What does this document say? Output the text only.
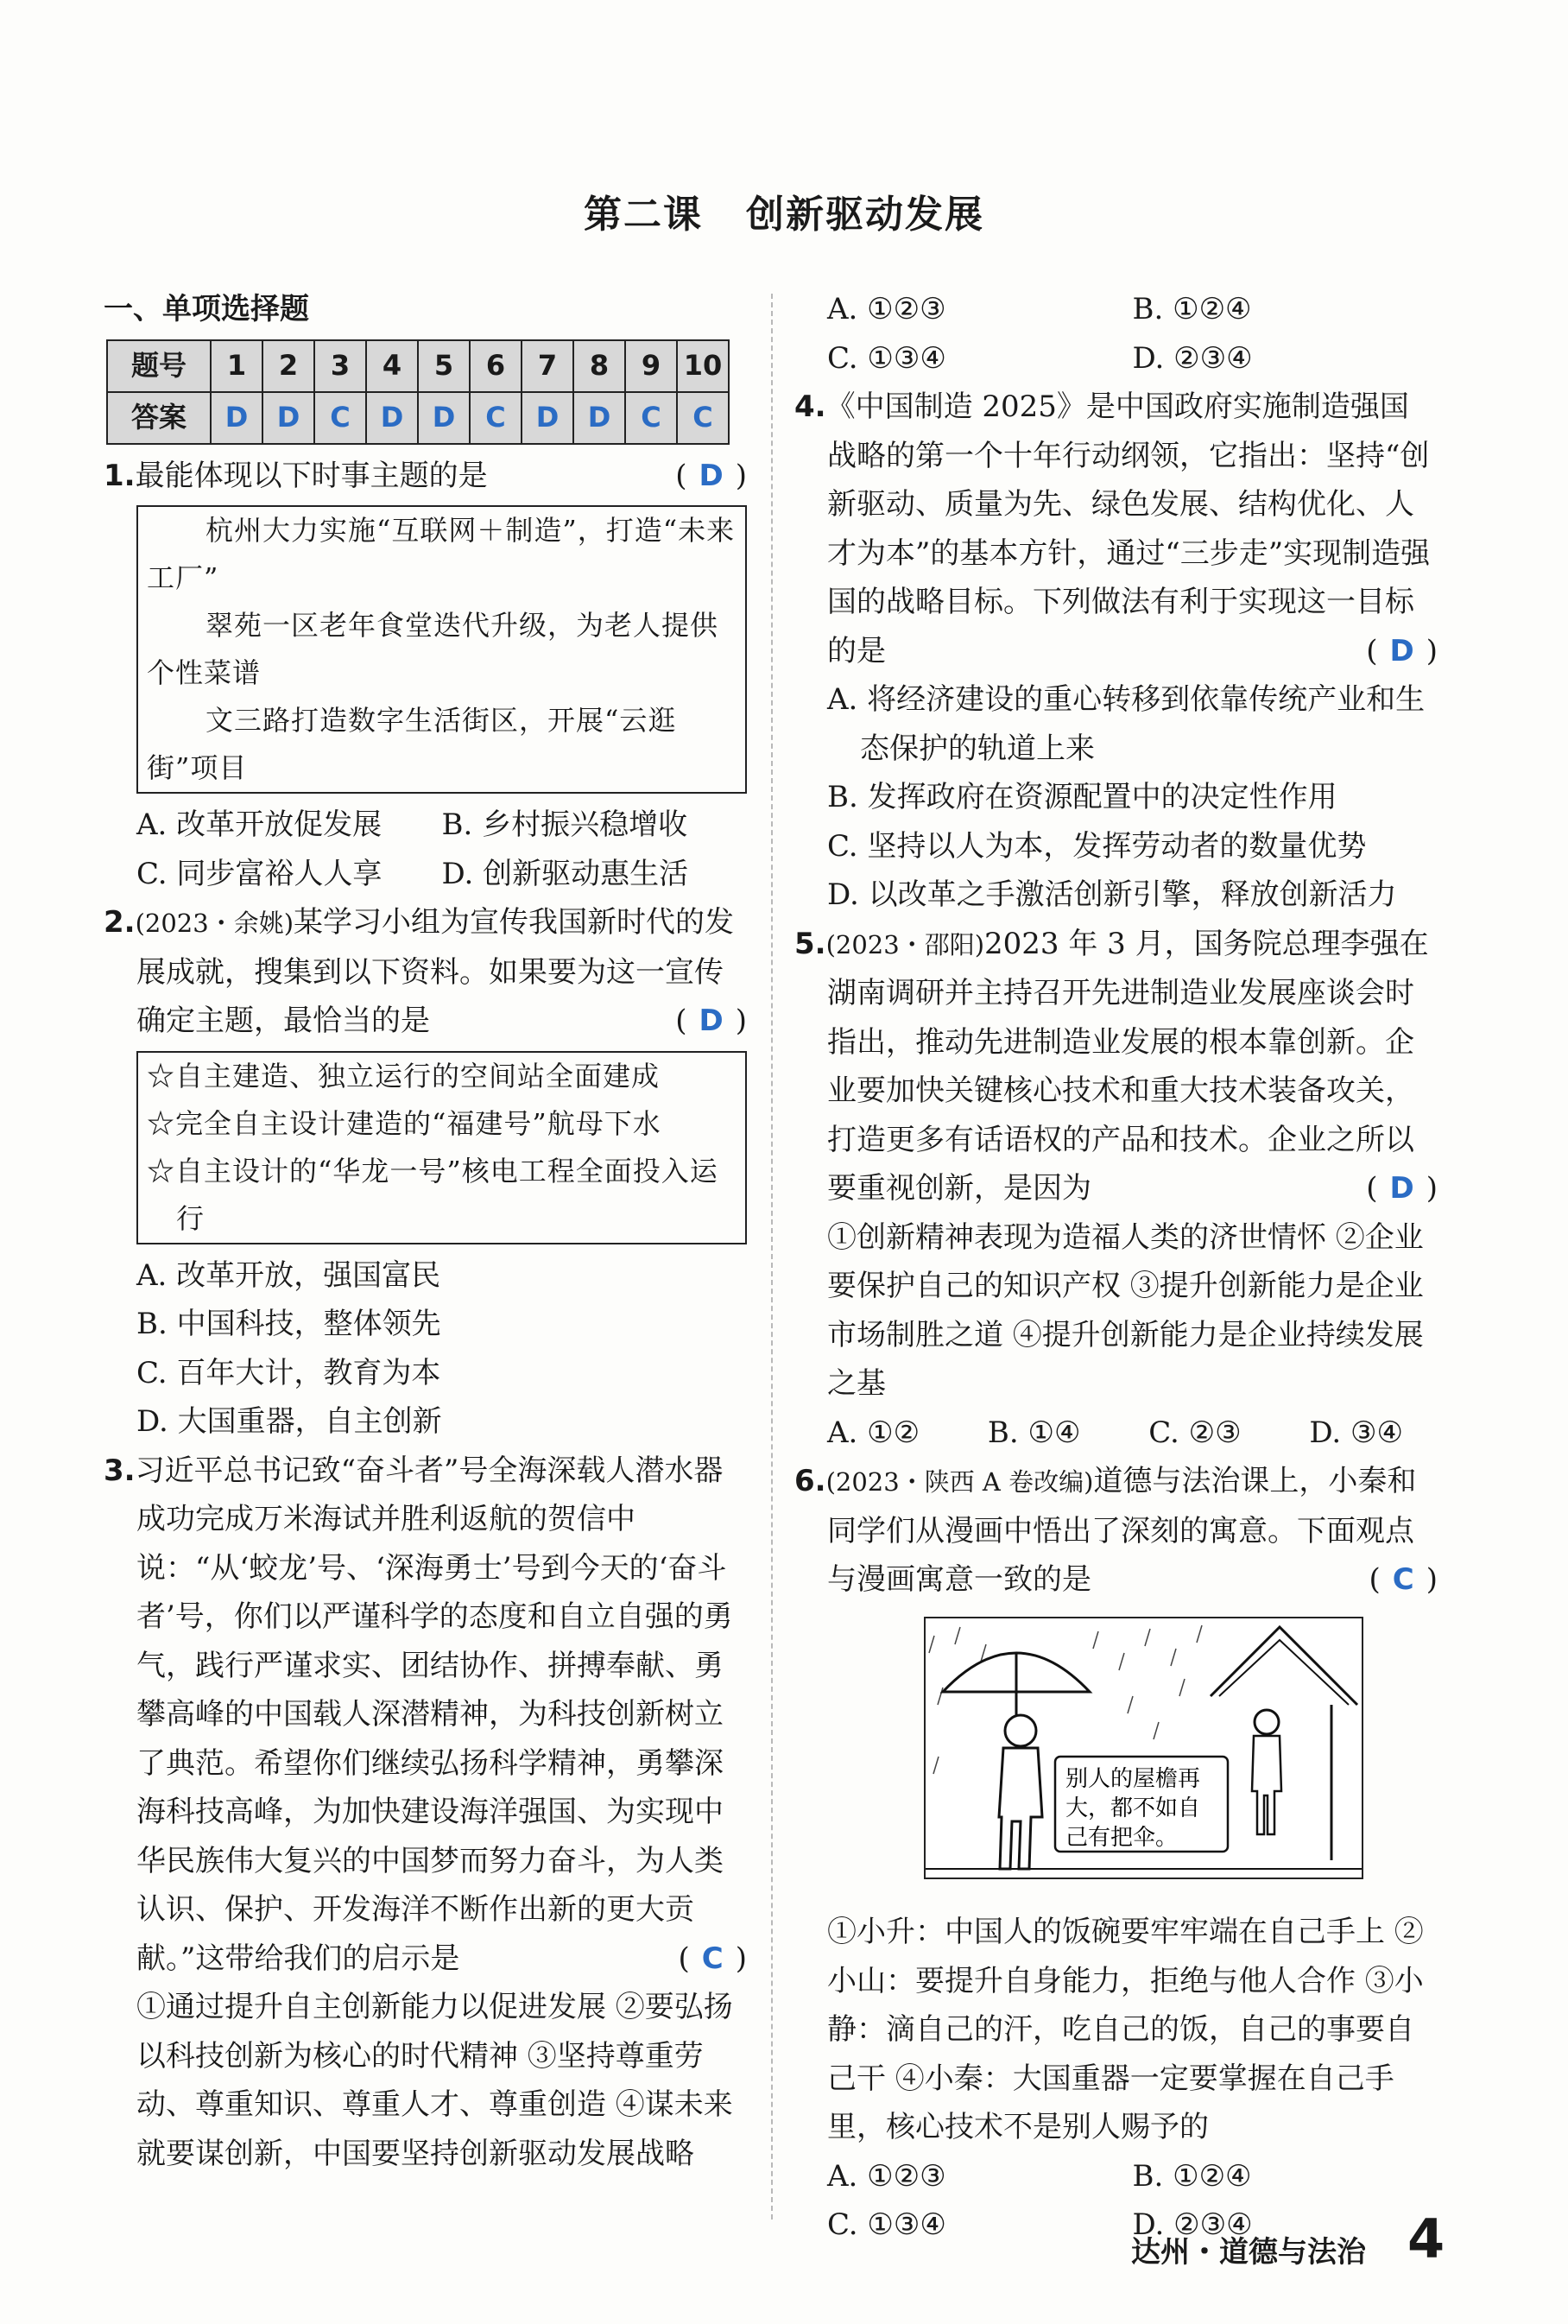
第二课 创新驱动发展

一、单项选择题

题号	1	2	3	4	5	6	7	8	9	10
答案	D	D	C	D	D	C	D	D	C	C

1.最能体现以下时事主题的是	( D )

杭州大力实施“互联网＋制造”，打造“未来工厂”

翠苑一区老年食堂迭代升级，为老人提供个性菜谱

文三路打造数字生活街区，开展“云逛街”项目

A. 改革开放促发展	B. 乡村振兴稳增收
C. 同步富裕人人享	D. 创新驱动惠生活

2.(2023・余姚)某学习小组为宣传我国新时代的发展成就，搜集到以下资料。如果要为这一宣传确定主题，最恰当的是	( D )

☆自主建造、独立运行的空间站全面建成

☆完全自主设计建造的“福建号”航母下水

☆自主设计的“华龙一号”核电工程全面投入运行

A. 改革开放，强国富民

B. 中国科技，整体领先

C. 百年大计，教育为本

D. 大国重器，自主创新

3.习近平总书记致“奋斗者”号全海深载人潜水器成功完成万米海试并胜利返航的贺信中说：“从‘蛟龙’号、‘深海勇士’号到今天的‘奋斗者’号，你们以严谨科学的态度和自立自强的勇气，践行严谨求实、团结协作、拼搏奉献、勇攀高峰的中国载人深潜精神，为科技创新树立了典范。希望你们继续弘扬科学精神，勇攀深海科技高峰，为加快建设海洋强国、为实现中华民族伟大复兴的中国梦而努力奋斗，为人类认识、保护、开发海洋不断作出新的更大贡献。”这带给我们的启示是	( C )

①通过提升自主创新能力以促进发展 ②要弘扬以科技创新为核心的时代精神 ③坚持尊重劳动、尊重知识、尊重人才、尊重创造 ④谋未来就要谋创新，中国要坚持创新驱动发展战略

A. ①②③	B. ①②④
C. ①③④	D. ②③④

4.《中国制造 2025》是中国政府实施制造强国战略的第一个十年行动纲领，它指出：坚持“创新驱动、质量为先、绿色发展、结构优化、人才为本”的基本方针，通过“三步走”实现制造强国的战略目标。下列做法有利于实现这一目标的是	( D )

A. 将经济建设的重心转移到依靠传统产业和生态保护的轨道上来

B. 发挥政府在资源配置中的决定性作用

C. 坚持以人为本，发挥劳动者的数量优势

D. 以改革之手激活创新引擎，释放创新活力

5.(2023・邵阳)2023 年 3 月，国务院总理李强在湖南调研并主持召开先进制造业发展座谈会时指出，推动先进制造业发展的根本靠创新。企业要加快关键核心技术和重大技术装备攻关，打造更多有话语权的产品和技术。企业之所以要重视创新，是因为	( D )

①创新精神表现为造福人类的济世情怀 ②企业要保护自己的知识产权 ③提升创新能力是企业市场制胜之道 ④提升创新能力是企业持续发展之基

A. ①② B. ①④ C. ②③ D. ③④

6.(2023・陕西 A 卷改编)道德与法治课上，小秦和同学们从漫画中悟出了深刻的寓意。下面观点与漫画寓意一致的是	( C )

别人的屋檐再
大，都不如自
己有把伞。

①小升：中国人的饭碗要牢牢端在自己手上 ②小山：要提升自身能力，拒绝与他人合作 ③小静：滴自己的汗，吃自己的饭，自己的事要自己干 ④小秦：大国重器一定要掌握在自己手里，核心技术不是别人赐予的

A. ①②③	B. ①②④
C. ①③④	D. ②③④
达州・道德与法治 4
